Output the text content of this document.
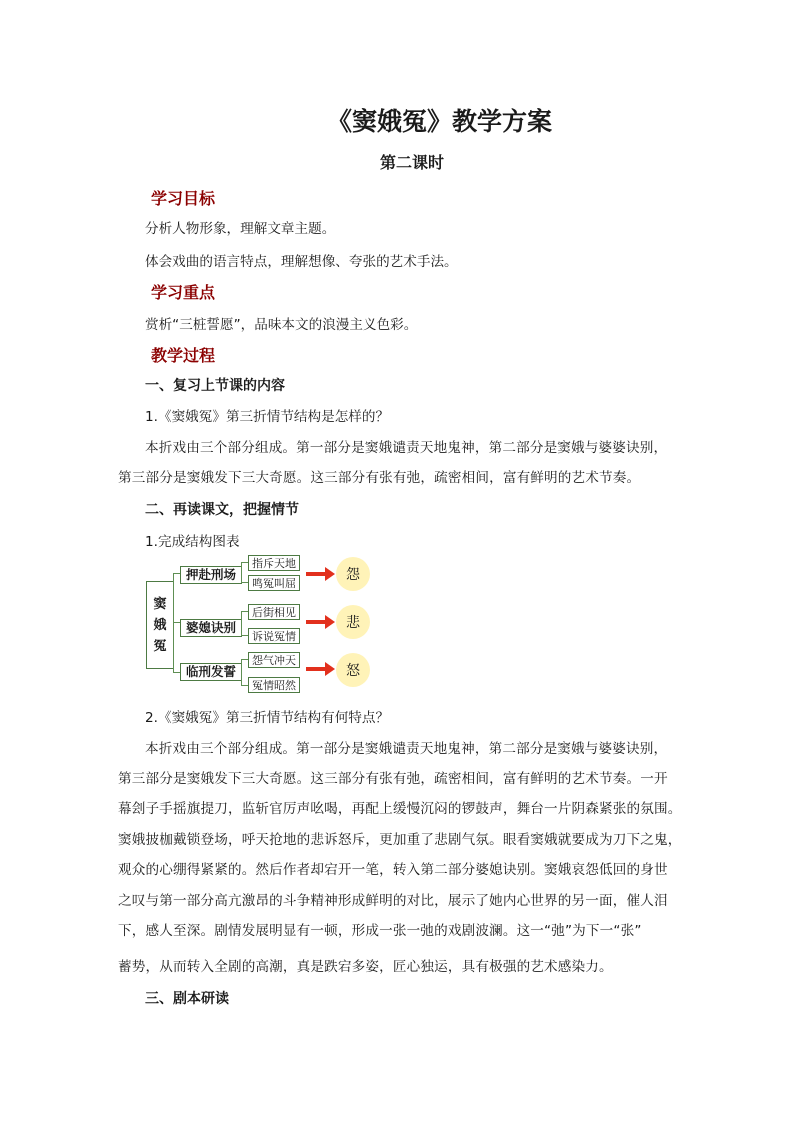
《窦娥冤》教学方案
第二课时
学习目标
分析人物形象，理解文章主题。
体会戏曲的语言特点，理解想像、夸张的艺术手法。
学习重点
赏析“三桩誓愿”，品味本文的浪漫主义色彩。
教学过程
一、复习上节课的内容
1.《窦娥冤》第三折情节结构是怎样的？
本折戏由三个部分组成。第一部分是窦娥谴责天地鬼神，第二部分是窦娥与婆婆诀别，
第三部分是窦娥发下三大奇愿。这三部分有张有弛，疏密相间，富有鲜明的艺术节奏。
二、再读课文，把握情节
1.完成结构图表
窦
娥
冤
押赴刑场
指斥天地
鸣冤叫屈	怨
婆媳诀别
后街相见
诉说冤情
悲
临刑发誓
怨气冲天
冤情昭然
怒
2.《窦娥冤》第三折情节结构有何特点？
本折戏由三个部分组成。第一部分是窦娥谴责天地鬼神，第二部分是窦娥与婆婆诀别，
第三部分是窦娥发下三大奇愿。这三部分有张有弛，疏密相间，富有鲜明的艺术节奏。一开
幕刽子手摇旗提刀，监斩官厉声吆喝，再配上缓慢沉闷的锣鼓声，舞台一片阴森紧张的氛围。
窦娥披枷戴锁登场，呼天抢地的悲诉怒斥，更加重了悲剧气氛。眼看窦娥就要成为刀下之鬼，
观众的心绷得紧紧的。然后作者却宕开一笔，转入第二部分婆媳诀别。窦娥哀怨低回的身世
之叹与第一部分高亢激昂的斗争精神形成鲜明的对比，展示了她内心世界的另一面，催人泪
下，感人至深。剧情发展明显有一顿，形成一张一弛的戏剧波澜。这一“弛”为下一“张”
蓄势，从而转入全剧的高潮，真是跌宕多姿，匠心独运，具有极强的艺术感染力。
三、剧本研读
